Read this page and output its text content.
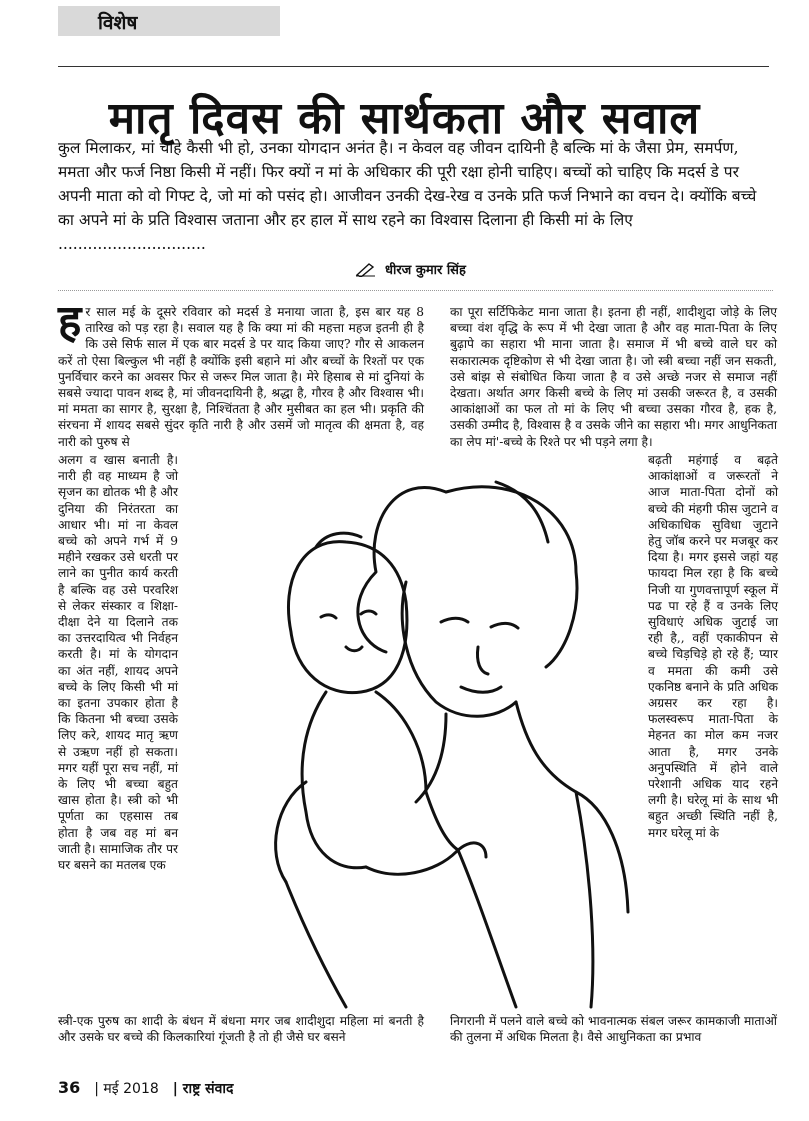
विशेष
मातृ दिवस की सार्थकता और सवाल
कुल मिलाकर, मां चाहे कैसी भी हो, उनका योगदान अनंत है। न केवल वह जीवन दायिनी है बल्कि मां के जैसा प्रेम, समर्पण, ममता और फर्ज निष्ठा किसी में नहीं। फिर क्यों न मां के अधिकार की पूरी रक्षा होनी चाहिए। बच्चों को चाहिए कि मदर्स डे पर अपनी माता को वो गिफ्ट दे, जो मां को पसंद हो। आजीवन उनकी देख-रेख व उनके प्रति फर्ज निभाने का वचन दे। क्योंकि बच्चे का अपने मां के प्रति विश्वास जताना और हर हाल में साथ रहने का विश्वास दिलाना ही किसी मां के लिए ..............................
धीरज कुमार सिंह
ह र साल मई के दूसरे रविवार को मदर्स डे मनाया जाता है, इस बार यह 8 तारिख को पड़ रहा है। सवाल यह है कि क्या मां की महत्ता महज इतनी ही है कि उसे सिर्फ साल में एक बार मदर्स डे पर याद किया जाए? गौर से आकलन करें तो ऐसा बिल्कुल भी नहीं है क्योंकि इसी बहाने मां और बच्चों के रिश्तों पर एक पुनर्विचार करने का अवसर फिर से जरूर मिल जाता है। मेरे हिसाब से मां दुनियां के सबसे ज्यादा पावन शब्द है, मां जीवनदायिनी है, श्रद्धा है, गौरव है और विश्वास भी। मां ममता का सागर है, सुरक्षा है, निश्चिंतता है और मुसीबत का हल भी। प्रकृति की संरचना में शायद सबसे सुंदर कृति नारी है और उसमें जो मातृत्व की क्षमता है, वह नारी को पुरुष से
का पूरा सर्टिफिकेट माना जाता है। इतना ही नहीं, शादीशुदा जोड़े के लिए बच्चा वंश वृद्धि के रूप में भी देखा जाता है और वह माता-पिता के लिए बुढ़ापे का सहारा भी माना जाता है। समाज में भी बच्चे वाले घर को सकारात्मक दृष्टिकोण से भी देखा जाता है। जो स्त्री बच्चा नहीं जन सकती, उसे बांझ से संबोधित किया जाता है व उसे अच्छे नजर से समाज नहीं देखता। अर्थात अगर किसी बच्चे के लिए मां उसकी जरूरत है, व उसकी आकांक्षाओं का फल तो मां के लिए भी बच्चा उसका गौरव है, हक है, उसकी उम्मीद है, विश्वास है व उसके जीने का सहारा भी। मगर आधुनिकता का लेप मां'-बच्चे के रिश्ते पर भी पड़ने लगा है।
अलग व खास बनाती है। नारी ही वह माध्यम है जो सृजन का द्योतक भी है और दुनिया की निरंतरता का आधार भी। मां ना केवल बच्चे को अपने गर्भ में 9 महीने रखकर उसे धरती पर लाने का पुनीत कार्य करती है बल्कि वह उसे परवरिश से लेकर संस्कार व शिक्षा-दीक्षा देने या दिलाने तक का उत्तरदायित्व भी निर्वहन करती है। मां के योगदान का अंत नहीं, शायद अपने बच्चे के लिए किसी भी मां का इतना उपकार होता है कि कितना भी बच्चा उसके लिए करे, शायद मातृ ऋण से उऋण नहीं हो सकता। मगर यहीं पूरा सच नहीं, मां के लिए भी बच्चा बहुत खास होता है। स्त्री को भी पूर्णता का एहसास तब होता है जब वह मां बन जाती है। सामाजिक तौर पर घर बसने का मतलब एक
बढ़ती महंगाई व बढ़ते आकांक्षाओं व जरूरतों ने आज माता-पिता दोनों को बच्चे की मंहगी फीस जुटाने व अधिकाधिक सुविधा जुटाने हेतु जॉब करने पर मजबूर कर दिया है। मगर इससे जहां यह फायदा मिल रहा है कि बच्चे निजी या गुणवत्तापूर्ण स्कूल में पढ पा रहे हैं व उनके लिए सुविधाएं अधिक जुटाई जा रही है,, वहीं एकाकीपन से बच्चे चिड़चिड़े हो रहे हैं; प्यार व ममता की कमी उसे एकनिष्ठ बनाने के प्रति अधिक अग्रसर कर रहा है। फलस्वरूप माता-पिता के मेहनत का मोल कम नजर आता है, मगर उनके अनुपस्थिति में होने वाले परेशानी अधिक याद रहने लगी है। घरेलू मां के साथ भी बहुत अच्छी स्थिति नहीं है, मगर घरेलू मां के
स्त्री-एक पुरुष का शादी के बंधन में बंधना मगर जब शादीशुदा महिला मां बनती है और उसके घर बच्चे की किलकारियां गूंजती है तो ही जैसे घर बसने
निगरानी में पलने वाले बच्चे को भावनात्मक संबल जरूर कामकाजी माताओं की तुलना में अधिक मिलता है। वैसे आधुनिकता का प्रभाव
36 | मई 2018 | राष्ट्र संवाद
